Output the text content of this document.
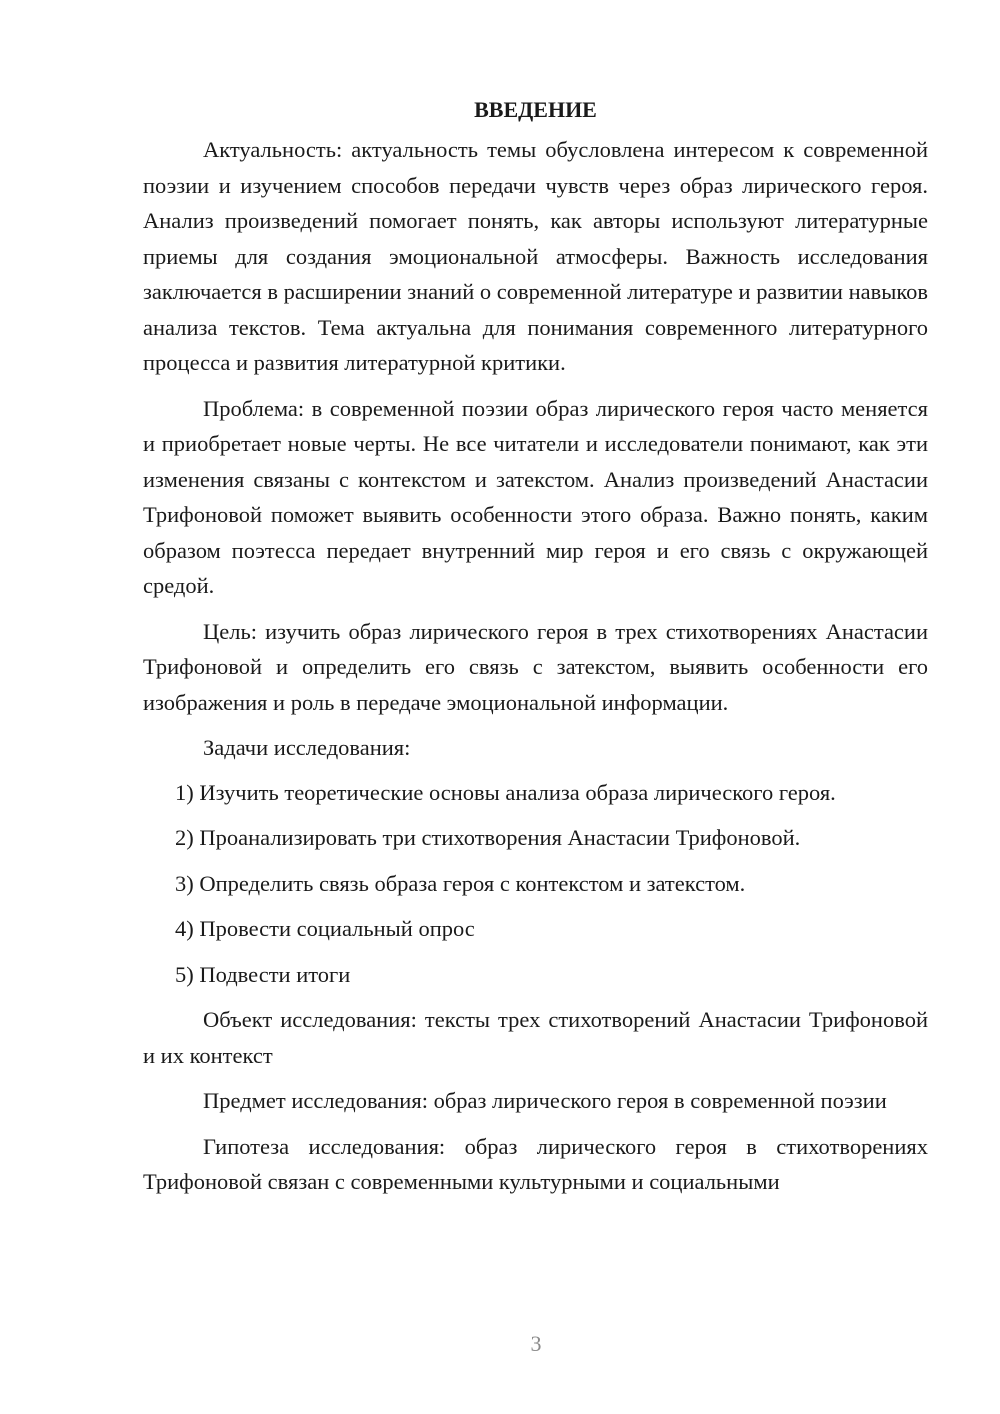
ВВЕДЕНИЕ

Актуальность: актуальность темы обусловлена интересом к современной поэзии и изучением способов передачи чувств через образ лирического героя. Анализ произведений помогает понять, как авторы используют литературные приемы для создания эмоциональной атмосферы. Важность исследования заключается в расширении знаний о современной литературе и развитии навыков анализа текстов. Тема актуальна для понимания современного литературного процесса и развития литературной критики.

Проблема: в современной поэзии образ лирического героя часто меняется и приобретает новые черты. Не все читатели и исследователи понимают, как эти изменения связаны с контекстом и затекстом. Анализ произведений Анастасии Трифоновой поможет выявить особенности этого образа. Важно понять, каким образом поэтесса передает внутренний мир героя и его связь с окружающей средой.

Цель: изучить образ лирического героя в трех стихотворениях Анастасии Трифоновой и определить его связь с затекстом, выявить особенности его изображения и роль в передаче эмоциональной информации.

Задачи исследования:

1) Изучить теоретические основы анализа образа лирического героя.
2) Проанализировать три стихотворения Анастасии Трифоновой.
3) Определить связь образа героя с контекстом и затекстом.
4) Провести социальный опрос
5) Подвести итоги

Объект исследования: тексты трех стихотворений Анастасии Трифоновой и их контекст

Предмет исследования: образ лирического героя в современной поэзии

Гипотеза исследования: образ лирического героя в стихотворениях Трифоновой связан с современными культурными и социальными

3
